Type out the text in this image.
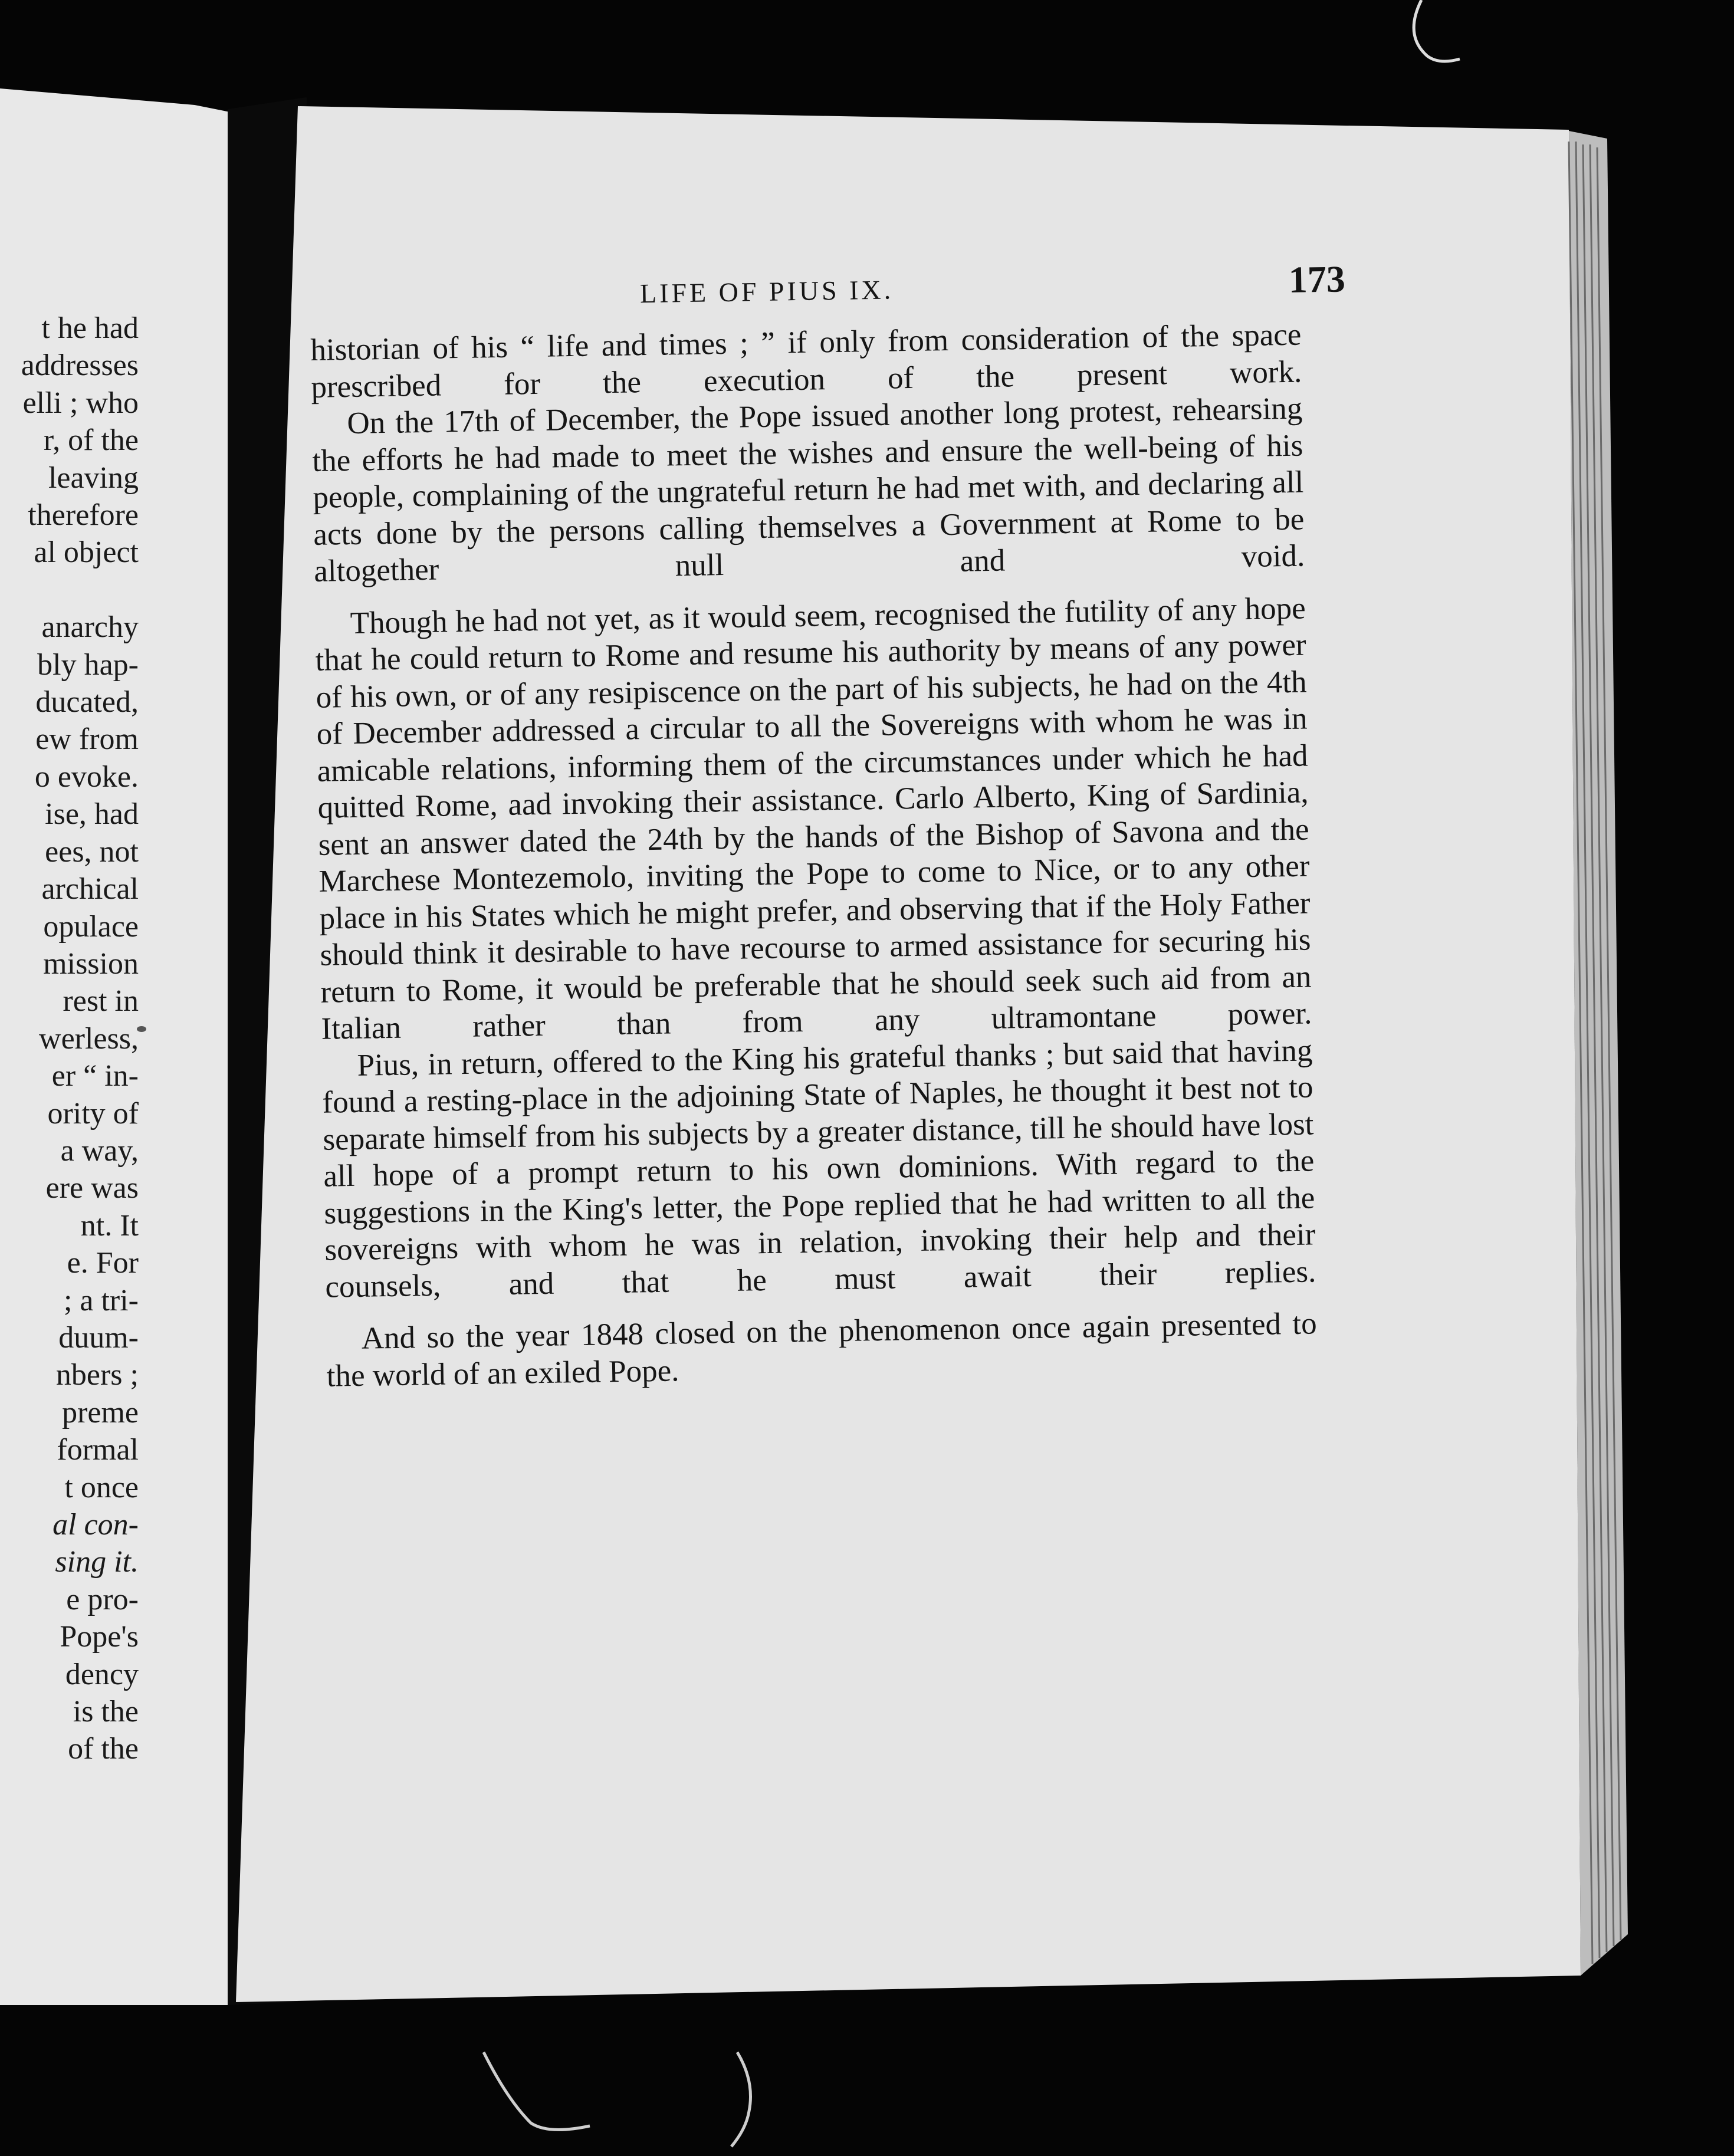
t he had
addresses
elli ; who
r, of the
leaving
therefore
al object

anarchy
bly hap-
ducated,
ew from
o evoke.
ise, had
ees, not
archical
opulace
mission
rest in
werless,
er “ in-
ority of
a way,
ere was
nt. It
e. For
; a tri-
duum-
nbers ;
preme
formal
t once
al con-
sing it.
e pro-
Pope's
dency
is the
of the
LIFE OF PIUS IX.	173

historian of his “ life and times ; ” if only from consideration of the space prescribed for the execution of the present work.

On the 17th of December, the Pope issued another long protest, rehearsing the efforts he had made to meet the wishes and ensure the well-being of his people, complaining of the ungrateful return he had met with, and declaring all acts done by the persons calling themselves a Government at Rome to be altogether null and void.

Though he had not yet, as it would seem, recognised the futility of any hope that he could return to Rome and resume his authority by means of any power of his own, or of any resipiscence on the part of his subjects, he had on the 4th of December addressed a circular to all the Sovereigns with whom he was in amicable relations, informing them of the circumstances under which he had quitted Rome, aad invoking their assistance. Carlo Alberto, King of Sardinia, sent an answer dated the 24th by the hands of the Bishop of Savona and the Marchese Montezemolo, inviting the Pope to come to Nice, or to any other place in his States which he might prefer, and observing that if the Holy Father should think it desirable to have recourse to armed assistance for securing his return to Rome, it would be preferable that he should seek such aid from an Italian rather than from any ultramontane power.

Pius, in return, offered to the King his grateful thanks ; but said that having found a resting-place in the adjoining State of Naples, he thought it best not to separate himself from his subjects by a greater distance, till he should have lost all hope of a prompt return to his own dominions. With regard to the suggestions in the King's letter, the Pope replied that he had written to all the sovereigns with whom he was in relation, invoking their help and their counsels, and that he must await their replies.

And so the year 1848 closed on the phenomenon once again presented to the world of an exiled Pope.
